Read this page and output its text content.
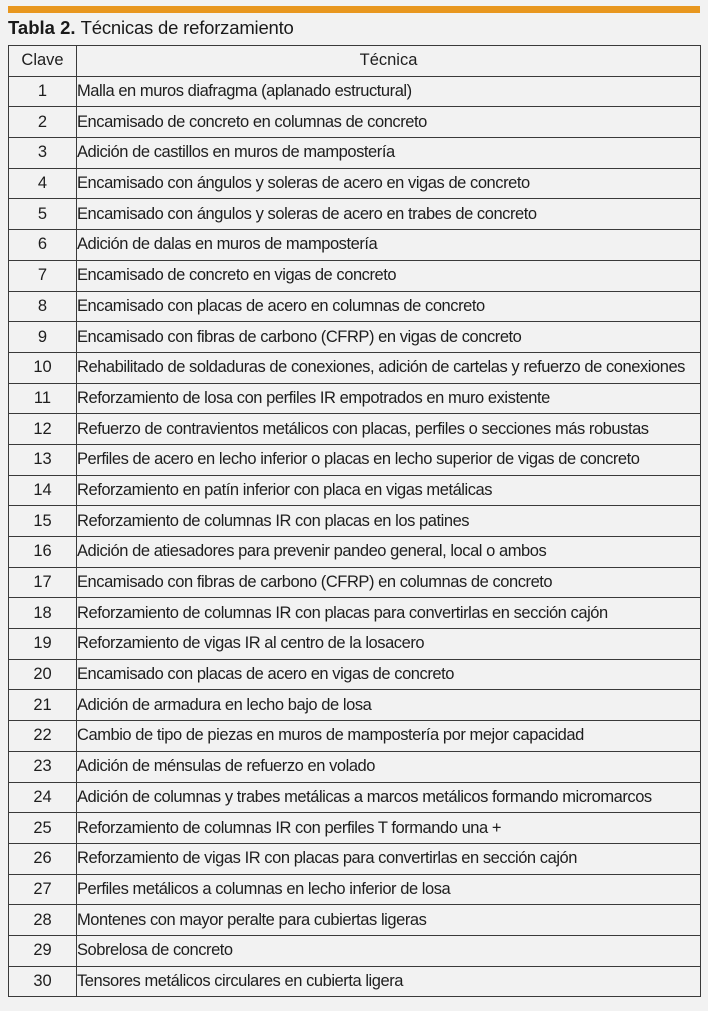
Tabla 2. Técnicas de reforzamiento
Clave	Técnica
1	Malla en muros diafragma (aplanado estructural)
2	Encamisado de concreto en columnas de concreto
3	Adición de castillos en muros de mampostería
4	Encamisado con ángulos y soleras de acero en vigas de concreto
5	Encamisado con ángulos y soleras de acero en trabes de concreto
6	Adición de dalas en muros de mampostería
7	Encamisado de concreto en vigas de concreto
8	Encamisado con placas de acero en columnas de concreto
9	Encamisado con fibras de carbono (CFRP) en vigas de concreto
10	Rehabilitado de soldaduras de conexiones, adición de cartelas y refuerzo de conexiones
11	Reforzamiento de losa con perfiles IR empotrados en muro existente
12	Refuerzo de contravientos metálicos con placas, perfiles o secciones más robustas
13	Perfiles de acero en lecho inferior o placas en lecho superior de vigas de concreto
14	Reforzamiento en patín inferior con placa en vigas metálicas
15	Reforzamiento de columnas IR con placas en los patines
16	Adición de atiesadores para prevenir pandeo general, local o ambos
17	Encamisado con fibras de carbono (CFRP) en columnas de concreto
18	Reforzamiento de columnas IR con placas para convertirlas en sección cajón
19	Reforzamiento de vigas IR al centro de la losacero
20	Encamisado con placas de acero en vigas de concreto
21	Adición de armadura en lecho bajo de losa
22	Cambio de tipo de piezas en muros de mampostería por mejor capacidad
23	Adición de ménsulas de refuerzo en volado
24	Adición de columnas y trabes metálicas a marcos metálicos formando micromarcos
25	Reforzamiento de columnas IR con perfiles T formando una +
26	Reforzamiento de vigas IR con placas para convertirlas en sección cajón
27	Perfiles metálicos a columnas en lecho inferior de losa
28	Montenes con mayor peralte para cubiertas ligeras
29	Sobrelosa de concreto
30	Tensores metálicos circulares en cubierta ligera
